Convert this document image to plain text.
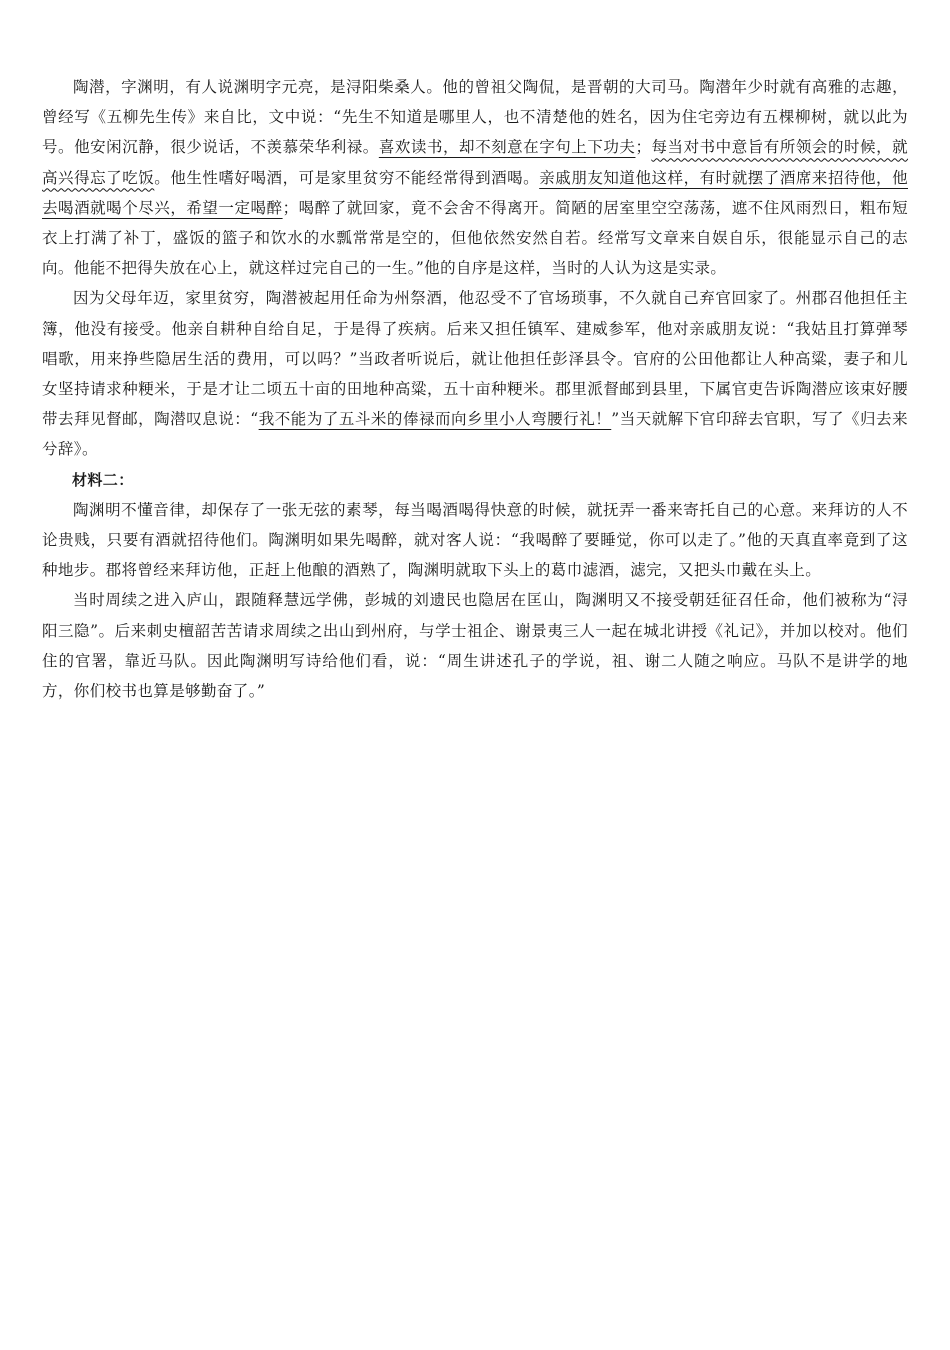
陶潜，字渊明，有人说渊明字元亮，是浔阳柴桑人。他的曾祖父陶侃，是晋朝的大司马。陶潜年少时就有高雅的志趣，曾经写《五柳先生传》来自比，文中说：“先生不知道是哪里人，也不清楚他的姓名，因为住宅旁边有五棵柳树，就以此为号。他安闲沉静，很少说话，不羡慕荣华利禄。喜欢读书，却不刻意在字句上下功夫；每当对书中意旨有所领会的时候，就高兴得忘了吃饭。他生性嗜好喝酒，可是家里贫穷不能经常得到酒喝。亲戚朋友知道他这样，有时就摆了酒席来招待他，他去喝酒就喝个尽兴，希望一定喝醉；喝醉了就回家，竟不会舍不得离开。简陋的居室里空空荡荡，遮不住风雨烈日，粗布短衣上打满了补丁，盛饭的篮子和饮水的水瓢常常是空的，但他依然安然自若。经常写文章来自娱自乐，很能显示自己的志向。他能不把得失放在心上，就这样过完自己的一生。”他的自序是这样，当时的人认为这是实录。

因为父母年迈，家里贫穷，陶潜被起用任命为州祭酒，他忍受不了官场琐事，不久就自己弃官回家了。州郡召他担任主簿，他没有接受。他亲自耕种自给自足，于是得了疾病。后来又担任镇军、建威参军，他对亲戚朋友说：“我姑且打算弹琴唱歌，用来挣些隐居生活的费用，可以吗？”当政者听说后，就让他担任彭泽县令。官府的公田他都让人种高粱，妻子和儿女坚持请求种粳米，于是才让二顷五十亩的田地种高粱，五十亩种粳米。郡里派督邮到县里，下属官吏告诉陶潜应该束好腰带去拜见督邮，陶潜叹息说：“我不能为了五斗米的俸禄而向乡里小人弯腰行礼！”当天就解下官印辞去官职，写了《归去来兮辞》。

材料二：

陶渊明不懂音律，却保存了一张无弦的素琴，每当喝酒喝得快意的时候，就抚弄一番来寄托自己的心意。来拜访的人不论贵贱，只要有酒就招待他们。陶渊明如果先喝醉，就对客人说：“我喝醉了要睡觉，你可以走了。”他的天真直率竟到了这种地步。郡将曾经来拜访他，正赶上他酿的酒熟了，陶渊明就取下头上的葛巾滤酒，滤完，又把头巾戴在头上。

当时周续之进入庐山，跟随释慧远学佛，彭城的刘遗民也隐居在匡山，陶渊明又不接受朝廷征召任命，他们被称为“浔阳三隐”。后来刺史檀韶苦苦请求周续之出山到州府，与学士祖企、谢景夷三人一起在城北讲授《礼记》，并加以校对。他们住的官署，靠近马队。因此陶渊明写诗给他们看，说：“周生讲述孔子的学说，祖、谢二人随之响应。马队不是讲学的地方，你们校书也算是够勤奋了。”
